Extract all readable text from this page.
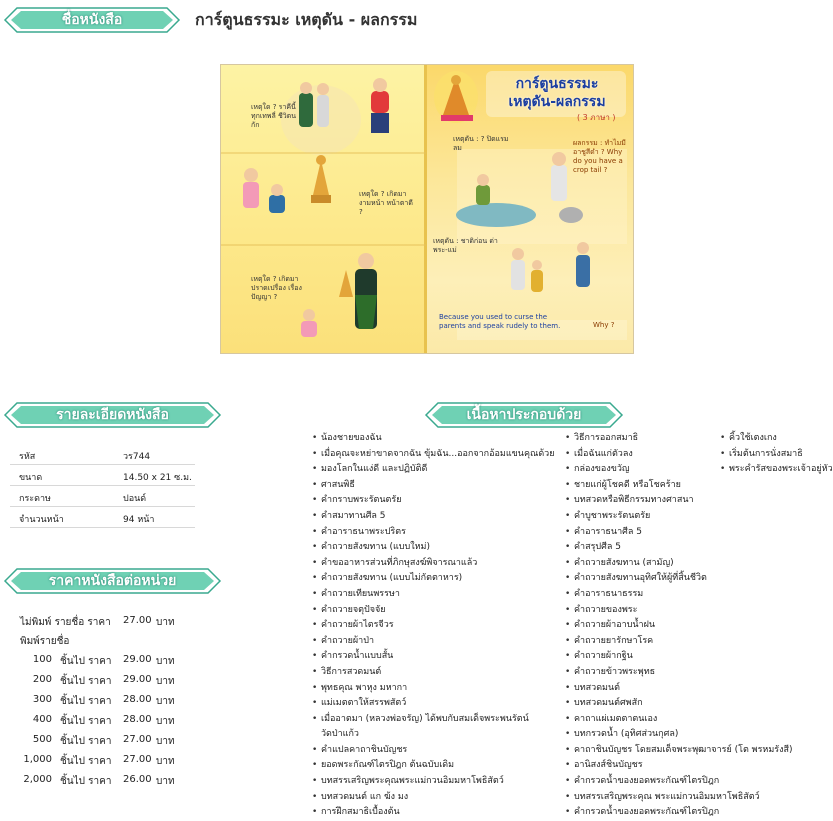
ชื่อหนังสือ	การ์ตูนธรรมะ เหตุดัน - ผลกรรม
การ์ตูนธรรมะ
เหตุดัน-ผลกรรม
( 3 ภาษา )
เหตุใด ? ราคีนี้ทุกเทพลี่ ชีวิตนกัก
เหตุใด ? เกิดมางามหน้า หน้าตาดี ?
เหตุใด ? เกิดมาปราดเปรื่อง เรื่องปัญญา ?
เหตุดัน : ? ปิดแรมลม
ผลกรรม : ทำไมมีอาชูสีดำ ? Why do you have a crop tail ?
เหตุดัน : ชาติก่อน ด่าพระ-แม่
Because you used to curse the parents and speak rudely to them.	Why ?
รายละเอียดหนังสือ
รหัส	วร744
ขนาด	14.50 x 21 ซ.ม.
กระดาษ	ปอนด์
จำนวนหน้า	94 หน้า
ราคาหนังสือต่อหน่วย
ไม่พิมพ์ รายชื่อ ราคา 27.00 บาท
พิมพ์รายชื่อ
100 ชิ้นไป ราคา 29.00 บาท
200 ชิ้นไป ราคา 29.00 บาท
300 ชิ้นไป ราคา 28.00 บาท
400 ชิ้นไป ราคา 28.00 บาท
500 ชิ้นไป ราคา 27.00 บาท
1,000 ชิ้นไป ราคา 27.00 บาท
2,000 ชิ้นไป ราคา 26.00 บาท
เนื้อหาประกอบด้วย
• น้องชายของฉัน
• เมื่อคุณจะหย่าขาดจากฉัน ขุ้มฉัน...ออกจากอ้อมแขนคุณด้วย
• มองโลกในแง่ดี และปฏิบัติดี
• ศาสนพิธี
• คำกราบพระรัตนตรัย
• คำสมาทานศีล 5
• คำอาราธนาพระปริตร
• คำถวายสังฆทาน (แบบใหม่)
• คำขออาหารส่วนที่ภิกษุสงฆ์พิจารณาแล้ว
• คำถวายสังฆทาน (แบบไม่กัตตาหาร)
• คำถวายเทียนพรรษา
• คำถวายจตุปัจจัย
• คำถวายผ้าไตรจีวร
• คำถวายผ้าป่า
• คำกรวดน้ำแบบสั้น
• วิธีการสวดมนต์
• พุทธคุณ พาหุง มหากา
• แม่เมตตาให้สรรพสัตว์
• เมื่ออาตมา (หลวงพ่อจรัญ) ได้พบกับสมเด็จพระพนรัตน์
วัดป่าแก้ว
• คำแปลคาถาชินบัญชร
• ยอดพระกัณฑ์ไตรปิฎก ต้นฉบับเดิม
• บทสรรเสริญพระคุณพระแม่กวนอิมมหาโพธิสัตว์
• บทสวดมนต์ แก ฆ้ง มง
• การฝึกสมาธิเบื้องต้น
• วิธีการออกสมาธิ
• เมื่อฉันแก่ตัวลง
• กล่องของขวัญ
• ชายแก่ผู้โชคดี หรือโชคร้าย
• บทสวดหรือพิธีกรรมทางศาสนา
• คำบูชาพระรัตนตรัย
• คำอาราธนาศีล 5
• คำสรุปศีล 5
• คำถวายสังฆทาน (สามัญ)
• คำถวายสังฆทานอุทิศให้ผู้ที่สิ้นชีวิต
• คำอาราธนาธรรม
• คำถวายของพระ
• คำถวายผ้าอาบน้ำฝน
• คำถวายยารักษาโรค
• คำถวายผ้ากฐิน
• คำถวายข้าวพระพุทธ
• บทสวดมนต์
• บทสวดมนต์ศพสัก
• คาถาแผ่เมตตาตนเอง
• บทกรวดน้ำ (อุทิศส่วนกุศล)
• คาถาชินบัญชร โดยสมเด็จพระพุฒาจารย์ (โต พรหมรังสี)
• อานิสงส์ชินบัญชร
• คำกรวดน้ำของยอดพระกัณฑ์ไตรปิฎก
• บทสรรเสริญพระคุณ พระแม่กวนอิมมหาโพธิสัตว์
• คำกรวดน้ำของยอดพระกัณฑ์ไตรปิฎก
• คิ้วใช้เตงเกง
• เริ่มต้นการนั่งสมาธิ
• พระคำรัสของพระเจ้าอยู่หัว
